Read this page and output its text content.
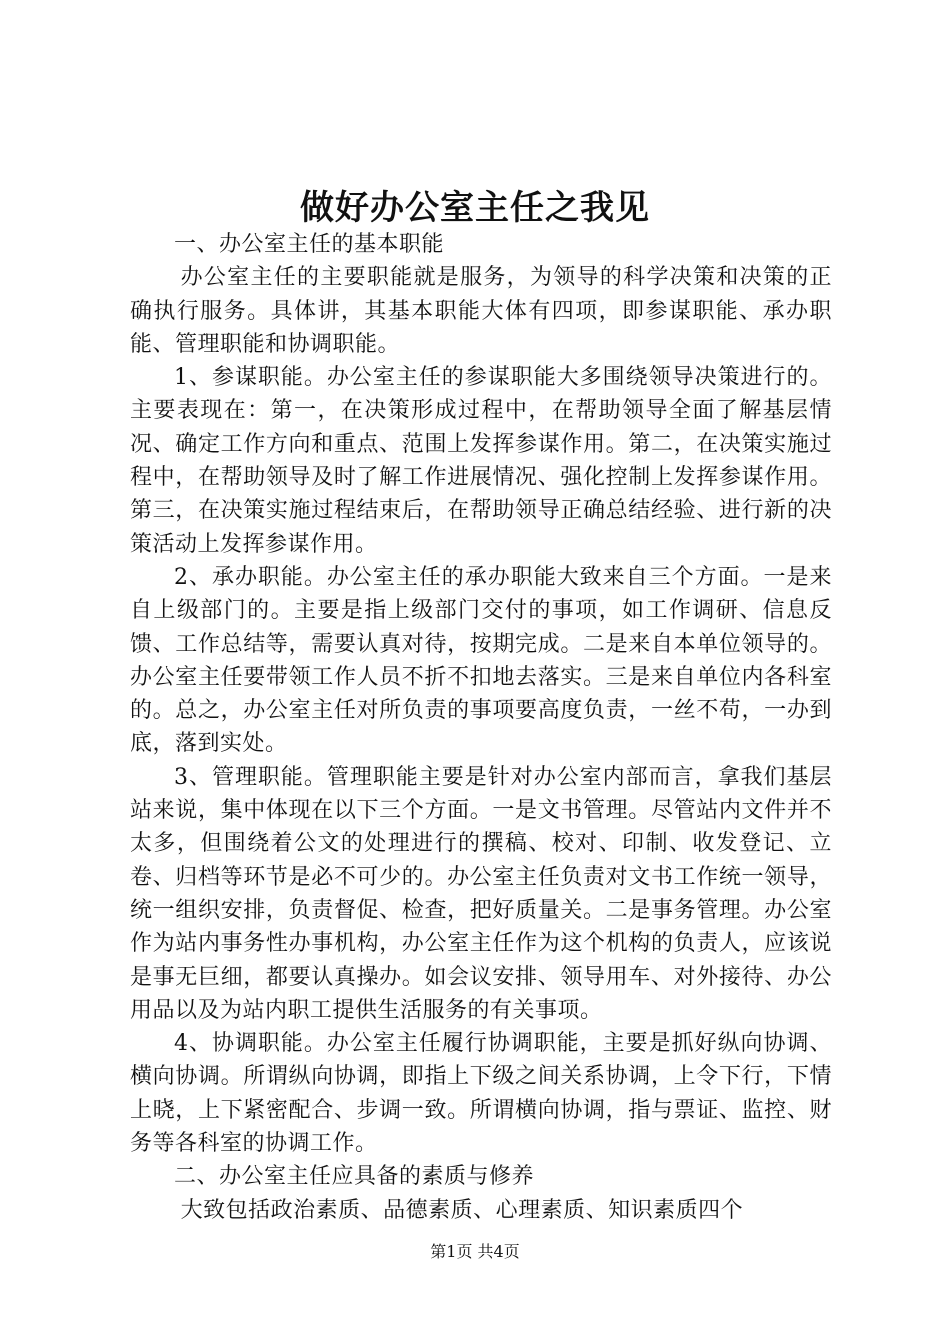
做好办公室主任之我见

一、办公室主任的基本职能

办公室主任的主要职能就是服务，为领导的科学决策和决策的正确执行服务。具体讲，其基本职能大体有四项，即参谋职能、承办职能、管理职能和协调职能。

1、参谋职能。办公室主任的参谋职能大多围绕领导决策进行的。主要表现在：第一，在决策形成过程中，在帮助领导全面了解基层情况、确定工作方向和重点、范围上发挥参谋作用。第二，在决策实施过程中，在帮助领导及时了解工作进展情况、强化控制上发挥参谋作用。第三，在决策实施过程结束后，在帮助领导正确总结经验、进行新的决策活动上发挥参谋作用。

2、承办职能。办公室主任的承办职能大致来自三个方面。一是来自上级部门的。主要是指上级部门交付的事项，如工作调研、信息反馈、工作总结等，需要认真对待，按期完成。二是来自本单位领导的。办公室主任要带领工作人员不折不扣地去落实。三是来自单位内各科室的。总之，办公室主任对所负责的事项要高度负责，一丝不苟，一办到底，落到实处。

3、管理职能。管理职能主要是针对办公室内部而言，拿我们基层站来说，集中体现在以下三个方面。一是文书管理。尽管站内文件并不太多，但围绕着公文的处理进行的撰稿、校对、印制、收发登记、立卷、归档等环节是必不可少的。办公室主任负责对文书工作统一领导，统一组织安排，负责督促、检查，把好质量关。二是事务管理。办公室作为站内事务性办事机构，办公室主任作为这个机构的负责人，应该说是事无巨细，都要认真操办。如会议安排、领导用车、对外接待、办公用品以及为站内职工提供生活服务的有关事项。

4、协调职能。办公室主任履行协调职能，主要是抓好纵向协调、横向协调。所谓纵向协调，即指上下级之间关系协调，上令下行，下情上晓，上下紧密配合、步调一致。所谓横向协调，指与票证、监控、财务等各科室的协调工作。

二、办公室主任应具备的素质与修养

大致包括政治素质、品德素质、心理素质、知识素质四个

第1页 共4页
